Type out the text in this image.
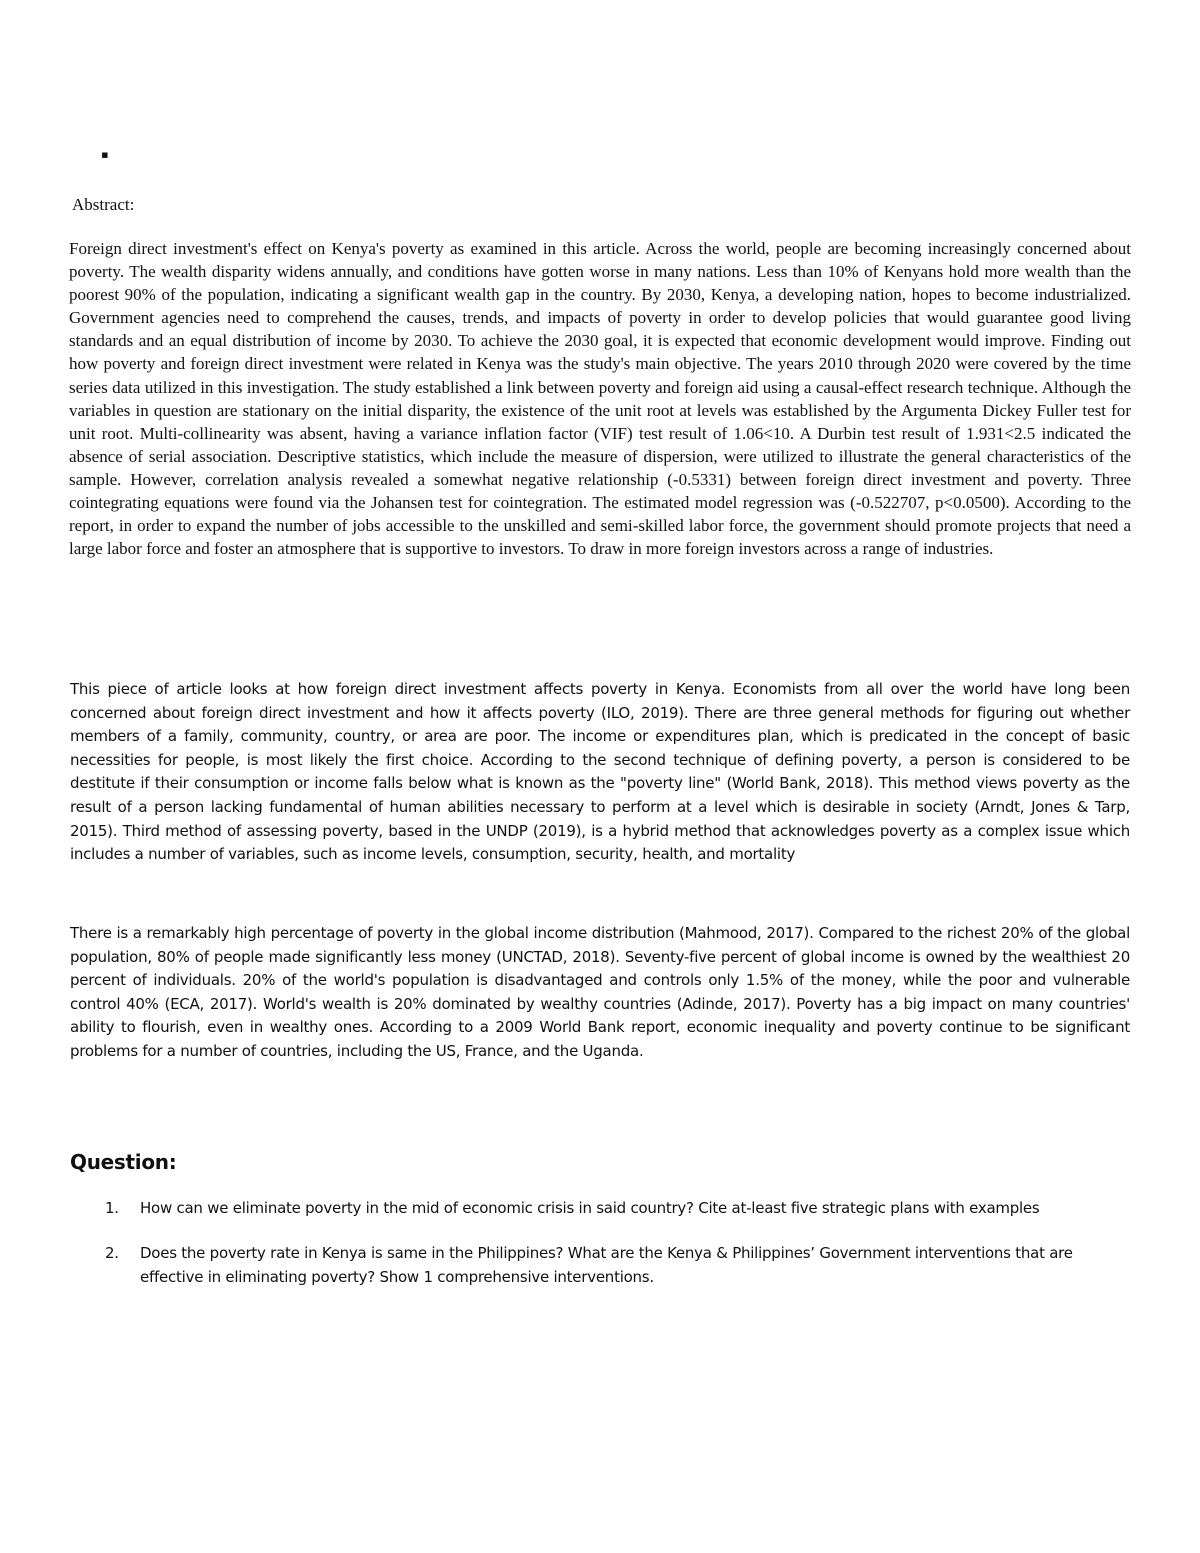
▪
Abstract:

Foreign direct investment's effect on Kenya's poverty as examined in this article. Across the world, people are becoming increasingly concerned about poverty. The wealth disparity widens annually, and conditions have gotten worse in many nations. Less than 10% of Kenyans hold more wealth than the poorest 90% of the population, indicating a significant wealth gap in the country. By 2030, Kenya, a developing nation, hopes to become industrialized. Government agencies need to comprehend the causes, trends, and impacts of poverty in order to develop policies that would guarantee good living standards and an equal distribution of income by 2030. To achieve the 2030 goal, it is expected that economic development would improve. Finding out how poverty and foreign direct investment were related in Kenya was the study's main objective. The years 2010 through 2020 were covered by the time series data utilized in this investigation. The study established a link between poverty and foreign aid using a causal-effect research technique. Although the variables in question are stationary on the initial disparity, the existence of the unit root at levels was established by the Argumenta Dickey Fuller test for unit root. Multi-collinearity was absent, having a variance inflation factor (VIF) test result of 1.06<10. A Durbin test result of 1.931<2.5 indicated the absence of serial association. Descriptive statistics, which include the measure of dispersion, were utilized to illustrate the general characteristics of the sample. However, correlation analysis revealed a somewhat negative relationship (-0.5331) between foreign direct investment and poverty. Three cointegrating equations were found via the Johansen test for cointegration. The estimated model regression was (-0.522707, p<0.0500). According to the report, in order to expand the number of jobs accessible to the unskilled and semi-skilled labor force, the government should promote projects that need a large labor force and foster an atmosphere that is supportive to investors. To draw in more foreign investors across a range of industries.

This piece of article looks at how foreign direct investment affects poverty in Kenya. Economists from all over the world have long been concerned about foreign direct investment and how it affects poverty (ILO, 2019). There are three general methods for figuring out whether members of a family, community, country, or area are poor. The income or expenditures plan, which is predicated in the concept of basic necessities for people, is most likely the first choice. According to the second technique of defining poverty, a person is considered to be destitute if their consumption or income falls below what is known as the "poverty line" (World Bank, 2018). This method views poverty as the result of a person lacking fundamental of human abilities necessary to perform at a level which is desirable in society (Arndt, Jones & Tarp, 2015). Third method of assessing poverty, based in the UNDP (2019), is a hybrid method that acknowledges poverty as a complex issue which includes a number of variables, such as income levels, consumption, security, health, and mortality

There is a remarkably high percentage of poverty in the global income distribution (Mahmood, 2017). Compared to the richest 20% of the global population, 80% of people made significantly less money (UNCTAD, 2018). Seventy-five percent of global income is owned by the wealthiest 20 percent of individuals. 20% of the world's population is disadvantaged and controls only 1.5% of the money, while the poor and vulnerable control 40% (ECA, 2017). World's wealth is 20% dominated by wealthy countries (Adinde, 2017). Poverty has a big impact on many countries' ability to flourish, even in wealthy ones. According to a 2009 World Bank report, economic inequality and poverty continue to be significant problems for a number of countries, including the US, France, and the Uganda.

Question:
1. How can we eliminate poverty in the mid of economic crisis in said country? Cite at-least five strategic plans with examples
2. Does the poverty rate in Kenya is same in the Philippines? What are the Kenya & Philippines’ Government interventions that are effective in eliminating poverty? Show 1 comprehensive interventions.
